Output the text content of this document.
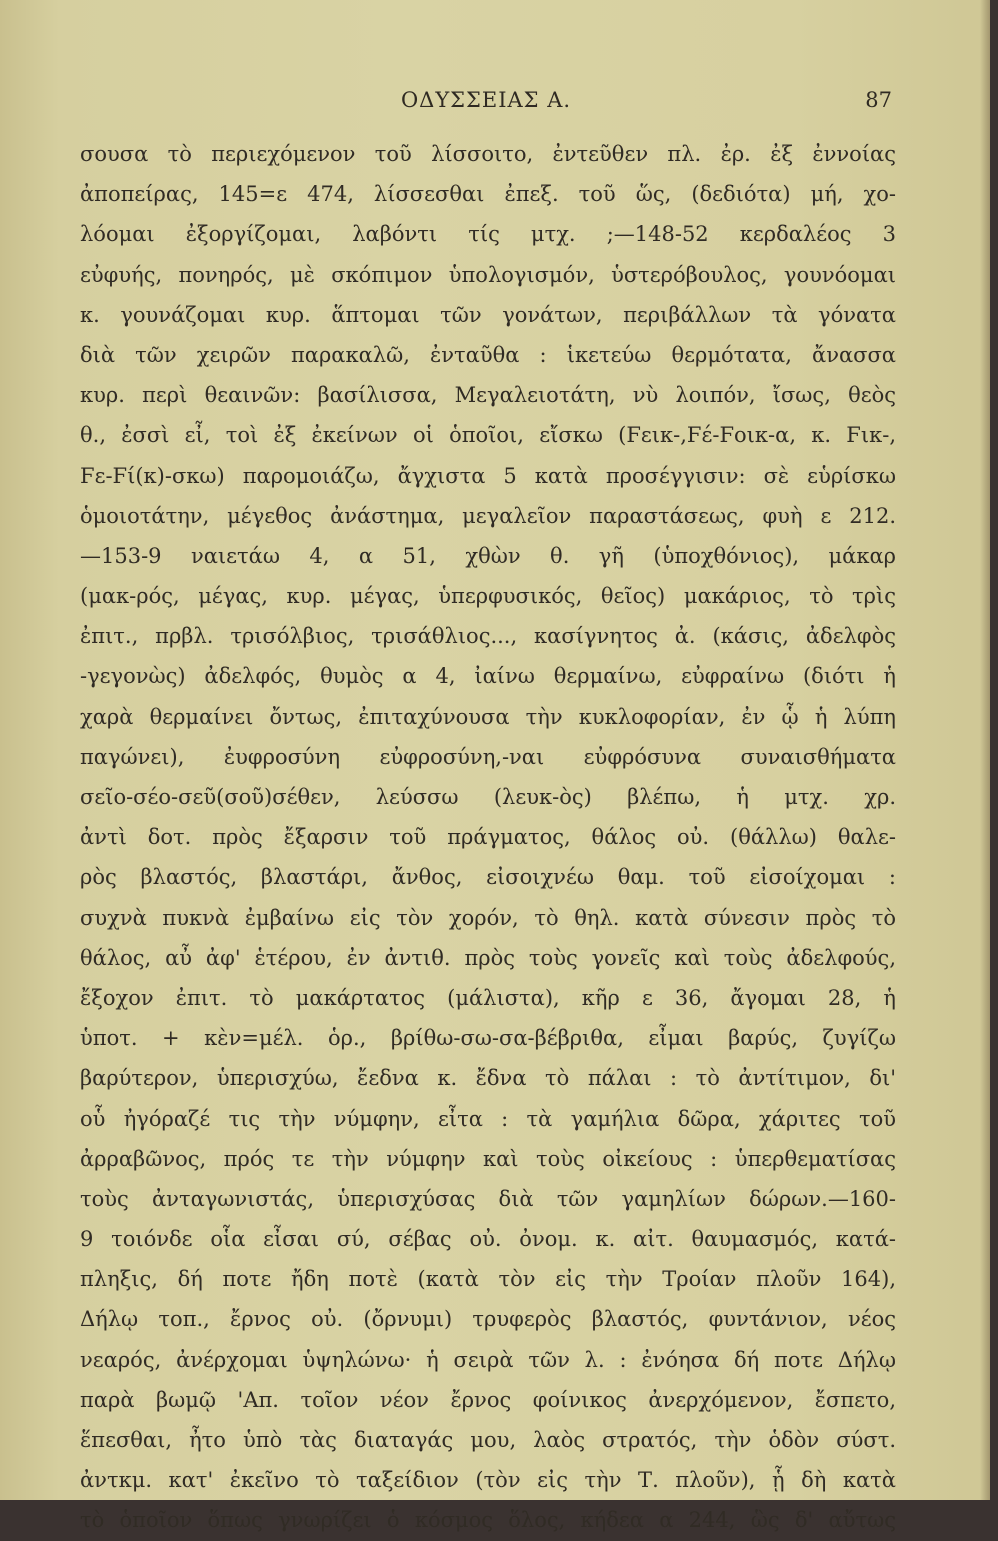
ΟΔΥΣΣΕΙΑΣ Α.	87
σουσα τὸ περιεχόμενον τοῦ λίσσοιτο, ἐντεῦθεν πλ. ἐρ. ἐξ ἐννοίας
ἀποπείρας, 145=ε 474, λίσσεσθαι ἐπεξ. τοῦ ὥς, (δεδιότα) μή, χο-
λόομαι ἐξοργίζομαι, λαβόντι τίς μτχ. ;—148-52 κερδαλέος 3
εὐφυής, πονηρός, μὲ σκόπιμον ὑπολογισμόν, ὑστερόβουλος, γουνόομαι
κ. γουνάζομαι κυρ. ἅπτομαι τῶν γονάτων, περιβάλλων τὰ γόνατα
διὰ τῶν χειρῶν παρακαλῶ, ἐνταῦθα : ἱκετεύω θερμότατα, ἄνασσα
κυρ. περὶ θεαινῶν: βασίλισσα, Μεγαλειοτάτη, νὺ λοιπόν, ἴσως, θεὸς
θ., ἐσσὶ εἶ, τοὶ ἐξ ἐκείνων οἱ ὁποῖοι, εἴσκω (Ϝεικ-,Ϝέ-Ϝοικ-α, κ. Ϝικ-,
Ϝε-Ϝί(κ)-σκω) παρομοιάζω, ἄγχιστα 5 κατὰ προσέγγισιν: σὲ εὑρίσκω
ὁμοιοτάτην, μέγεθος ἀνάστημα, μεγαλεῖον παραστάσεως, φυὴ ε 212.
—153-9 ναιετάω 4, α 51, χθὼν θ. γῆ (ὑποχθόνιος), μάκαρ
(μακ-ρός, μέγας, κυρ. μέγας, ὑπερφυσικός, θεῖος) μακάριος, τὸ τρὶς
ἐπιτ., πρβλ. τρισόλβιος, τρισάθλιος..., κασίγνητος ἀ. (κάσις, ἀδελφὸς
-γεγονὼς) ἀδελφός, θυμὸς α 4, ἰαίνω θερμαίνω, εὐφραίνω (διότι ἡ
χαρὰ θερμαίνει ὄντως, ἐπιταχύνουσα τὴν κυκλοφορίαν, ἐν ᾧ ἡ λύπη
παγώνει), ἐυφροσύνη εὐφροσύνη,-ναι εὐφρόσυνα συναισθήματα
σεῖο-σέο-σεῦ(σοῦ)σέθεν, λεύσσω (λευκ-ὸς) βλέπω, ἡ μτχ. χρ.
ἀντὶ δοτ. πρὸς ἔξαρσιν τοῦ πράγματος, θάλος οὐ. (θάλλω) θαλε-
ρὸς βλαστός, βλαστάρι, ἄνθος, εἰσοιχνέω θαμ. τοῦ εἰσοίχομαι :
συχνὰ πυκνὰ ἐμβαίνω εἰς τὸν χορόν, τὸ θηλ. κατὰ σύνεσιν πρὸς τὸ
θάλος, αὖ ἀφ' ἑτέρου, ἐν ἀντιθ. πρὸς τοὺς γονεῖς καὶ τοὺς ἀδελφούς,
ἔξοχον ἐπιτ. τὸ μακάρτατος (μάλιστα), κῆρ ε 36, ἄγομαι 28, ἡ
ὑποτ. + κὲν=μέλ. ὁρ., βρίθω-σω-σα-βέβριθα, εἶμαι βαρύς, ζυγίζω
βαρύτερον, ὑπερισχύω, ἔεδνα κ. ἔδνα τὸ πάλαι : τὸ ἀντίτιμον, δι'
οὗ ἠγόραζέ τις τὴν νύμφην, εἶτα : τὰ γαμήλια δῶρα, χάριτες τοῦ
ἀρραβῶνος, πρός τε τὴν νύμφην καὶ τοὺς οἰκείους : ὑπερθεματίσας
τοὺς ἀνταγωνιστάς, ὑπερισχύσας διὰ τῶν γαμηλίων δώρων.—160-
9 τοιόνδε οἷα εἶσαι σύ, σέβας οὐ. ὀνομ. κ. αἰτ. θαυμασμός, κατά-
πληξις, δή ποτε ἤδη ποτὲ (κατὰ τὸν εἰς τὴν Τροίαν πλοῦν 164),
Δήλῳ τοπ., ἔρνος οὐ. (ὄρνυμι) τρυφερὸς βλαστός, φυντάνιον, νέος
νεαρός, ἀνέρχομαι ὑψηλώνω· ἡ σειρὰ τῶν λ. : ἐνόησα δή ποτε Δήλῳ
παρὰ βωμῷ 'Απ. τοῖον νέον ἔρνος φοίνικος ἀνερχόμενον, ἔσπετο,
ἕπεσθαι, ἦτο ὑπὸ τὰς διαταγάς μου, λαὸς στρατός, τὴν ὁδὸν σύστ.
ἀντκμ. κατ' ἐκεῖνο τὸ ταξείδιον (τὸν εἰς τὴν Τ. πλοῦν), ᾗ δὴ κατὰ
τὸ ὁποῖον ὅπως γνωρίζει ὁ κόσμος ὅλος, κήδεα α 244, ὣς δ' αὔτως
